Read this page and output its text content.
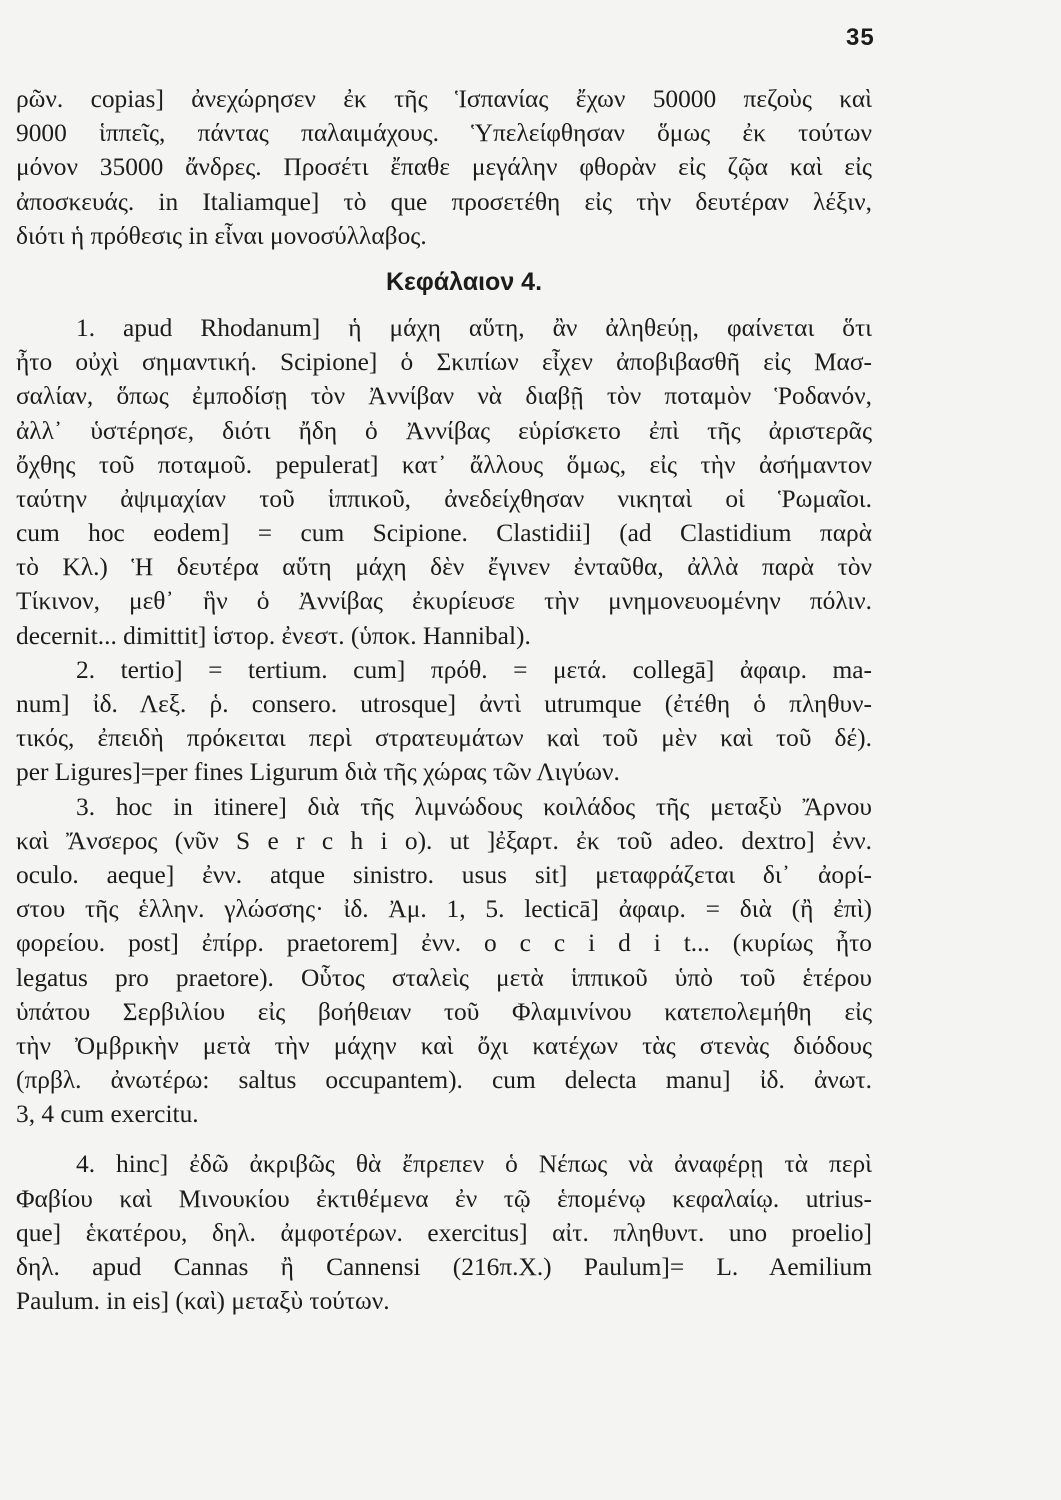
35
ρῶν. copias] ἀνεχώρησεν ἐκ τῆς Ἱσπανίας ἔχων 50000 πεζοὺς καὶ
9000 ἱππεῖς, πάντας παλαιμάχους. Ὑπελείφθησαν ὅμως ἐκ τούτων
μόνον 35000 ἄνδρες. Προσέτι ἔπαθε μεγάλην φθορὰν εἰς ζῷα καὶ εἰς
ἀποσκευάς. in Italiamque] τὸ que προσετέθη εἰς τὴν δευτέραν λέξιν,
διότι ἡ πρόθεσις in εἶναι μονοσύλλαβος.
Κεφάλαιον 4.
1. apud Rhodanum] ἡ μάχη αὕτη, ἂν ἀληθεύῃ, φαίνεται ὅτι
ἦτο οὐχὶ σημαντική. Scipione] ὁ Σκιπίων εἶχεν ἀποβιβασθῆ εἰς Μασ-
σαλίαν, ὅπως ἐμποδίσῃ τὸν Ἀννίβαν νὰ διαβῇ τὸν ποταμὸν Ῥοδανόν,
ἀλλ᾿ ὑστέρησε, διότι ἤδη ὁ Ἀννίβας εὑρίσκετο ἐπὶ τῆς ἀριστερᾶς
ὄχθης τοῦ ποταμοῦ. pepulerat] κατ᾿ ἄλλους ὅμως, εἰς τὴν ἀσήμαντον
ταύτην ἀψιμαχίαν τοῦ ἱππικοῦ, ἀνεδείχθησαν νικηταὶ οἱ Ῥωμαῖοι.
cum hoc eodem] = cum Scipione. Clastidii] (ad Clastidium παρὰ
τὸ Κλ.) Ἡ δευτέρα αὕτη μάχη δὲν ἔγινεν ἐνταῦθα, ἀλλὰ παρὰ τὸν
Τίκινον, μεθ᾿ ἣν ὁ Ἀννίβας ἐκυρίευσε τὴν μνημονευομένην πόλιν.
decernit... dimittit] ἱστορ. ἐνεστ. (ὑποκ. Hannibal).
2. tertio] = tertium. cum] πρόθ. = μετά. collegā] ἀφαιρ. ma-
num] ἰδ. Λεξ. ῥ. consero. utrosque] ἀντὶ utrumque (ἐτέθη ὁ πληθυν-
τικός, ἐπειδὴ πρόκειται περὶ στρατευμάτων καὶ τοῦ μὲν καὶ τοῦ δέ).
per Ligures]=per fines Ligurum διὰ τῆς χώρας τῶν Λιγύων.
3. hoc in itinere] διὰ τῆς λιμνώδους κοιλάδος τῆς μεταξὺ Ἄρνου
καὶ Ἄνσερος (νῦν S e r c h i o). ut ]ἐξαρτ. ἐκ τοῦ adeo. dextro] ἐνν.
oculo. aeque] ἐνν. atque sinistro. usus sit] μεταφράζεται δι᾿ ἀορί-
στου τῆς ἑλλην. γλώσσης· ἰδ. Ἀμ. 1, 5. lecticā] ἀφαιρ. = διὰ (ἢ ἐπὶ)
φορείου. post] ἐπίρρ. praetorem] ἐνν. o c c i d i t... (κυρίως ἦτο
legatus pro praetore). Οὗτος σταλεὶς μετὰ ἱππικοῦ ὑπὸ τοῦ ἑτέρου
ὑπάτου Σερβιλίου εἰς βοήθειαν τοῦ Φλαμινίνου κατεπολεμήθη εἰς
τὴν Ὀμβρικὴν μετὰ τὴν μάχην καὶ ὄχι κατέχων τὰς στενὰς διόδους
(πρβλ. ἀνωτέρω: saltus occupantem). cum delecta manu] ἰδ. ἀνωτ.
3, 4 cum exercitu.
4. hinc] ἐδῶ ἀκριβῶς θὰ ἔπρεπεν ὁ Νέπως νὰ ἀναφέρῃ τὰ περὶ
Φαβίου καὶ Μινουκίου ἐκτιθέμενα ἐν τῷ ἑπομένῳ κεφαλαίῳ. utrius-
que] ἑκατέρου, δηλ. ἀμφοτέρων. exercitus] αἰτ. πληθυντ. uno proelio]
δηλ. apud Cannas ἢ Cannensi (216π.Χ.) Paulum]= L. Aemilium
Paulum. in eis] (καὶ) μεταξὺ τούτων.
